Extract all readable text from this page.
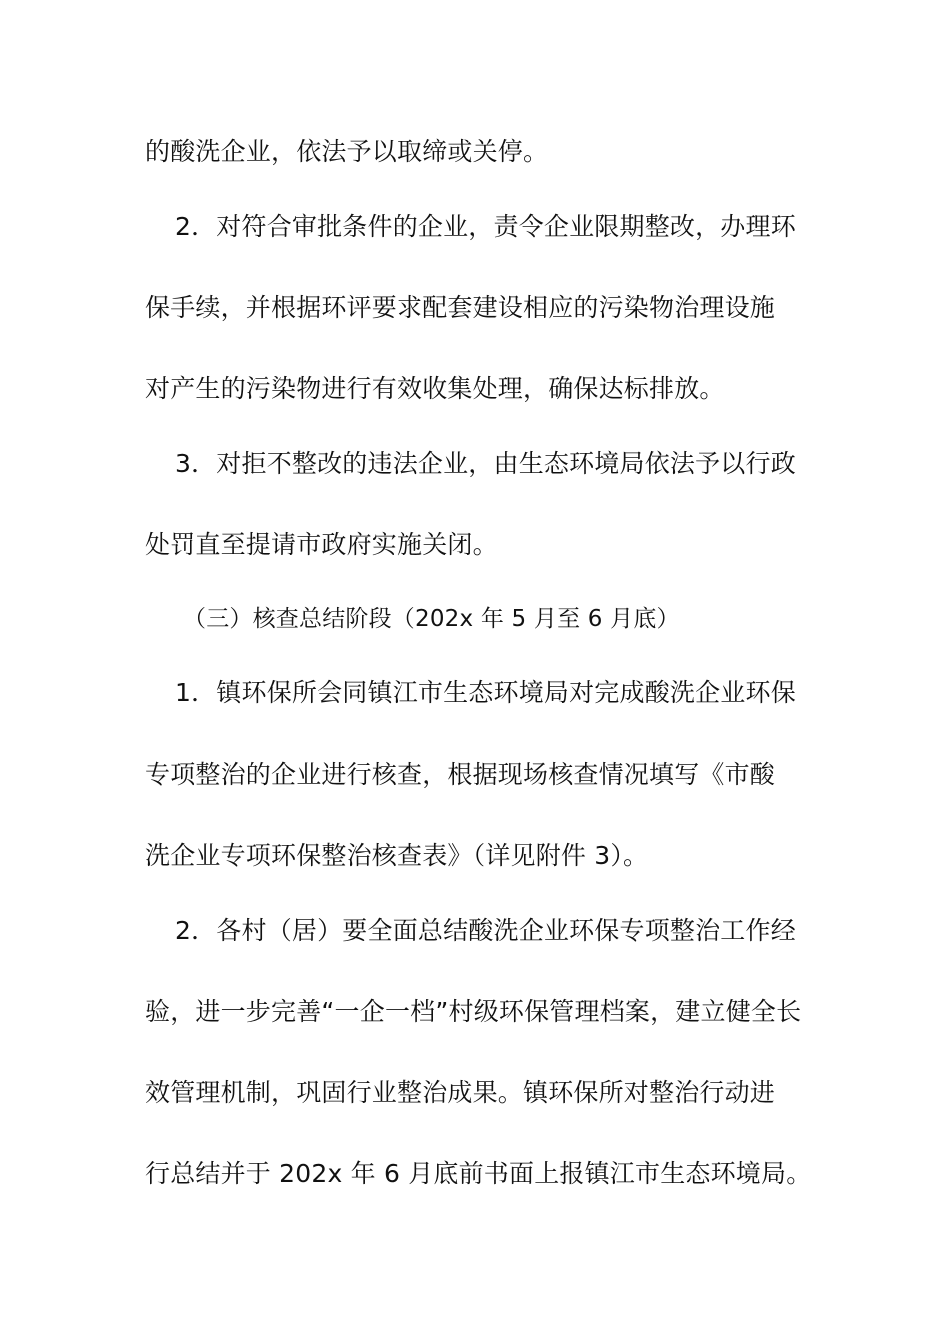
的酸洗企业，依法予以取缔或关停。
2．对符合审批条件的企业，责令企业限期整改，办理环
保手续，并根据环评要求配套建设相应的污染物治理设施
对产生的污染物进行有效收集处理，确保达标排放。
3．对拒不整改的违法企业，由生态环境局依法予以行政
处罚直至提请市政府实施关闭。
（三）核查总结阶段（202x 年 5 月至 6 月底）
1．镇环保所会同镇江市生态环境局对完成酸洗企业环保
专项整治的企业进行核查，根据现场核查情况填写《市酸
洗企业专项环保整治核查表》（详见附件 3）。
2．各村（居）要全面总结酸洗企业环保专项整治工作经
验，进一步完善“一企一档”村级环保管理档案，建立健全长
效管理机制，巩固行业整治成果。镇环保所对整治行动进
行总结并于 202x 年 6 月底前书面上报镇江市生态环境局。
